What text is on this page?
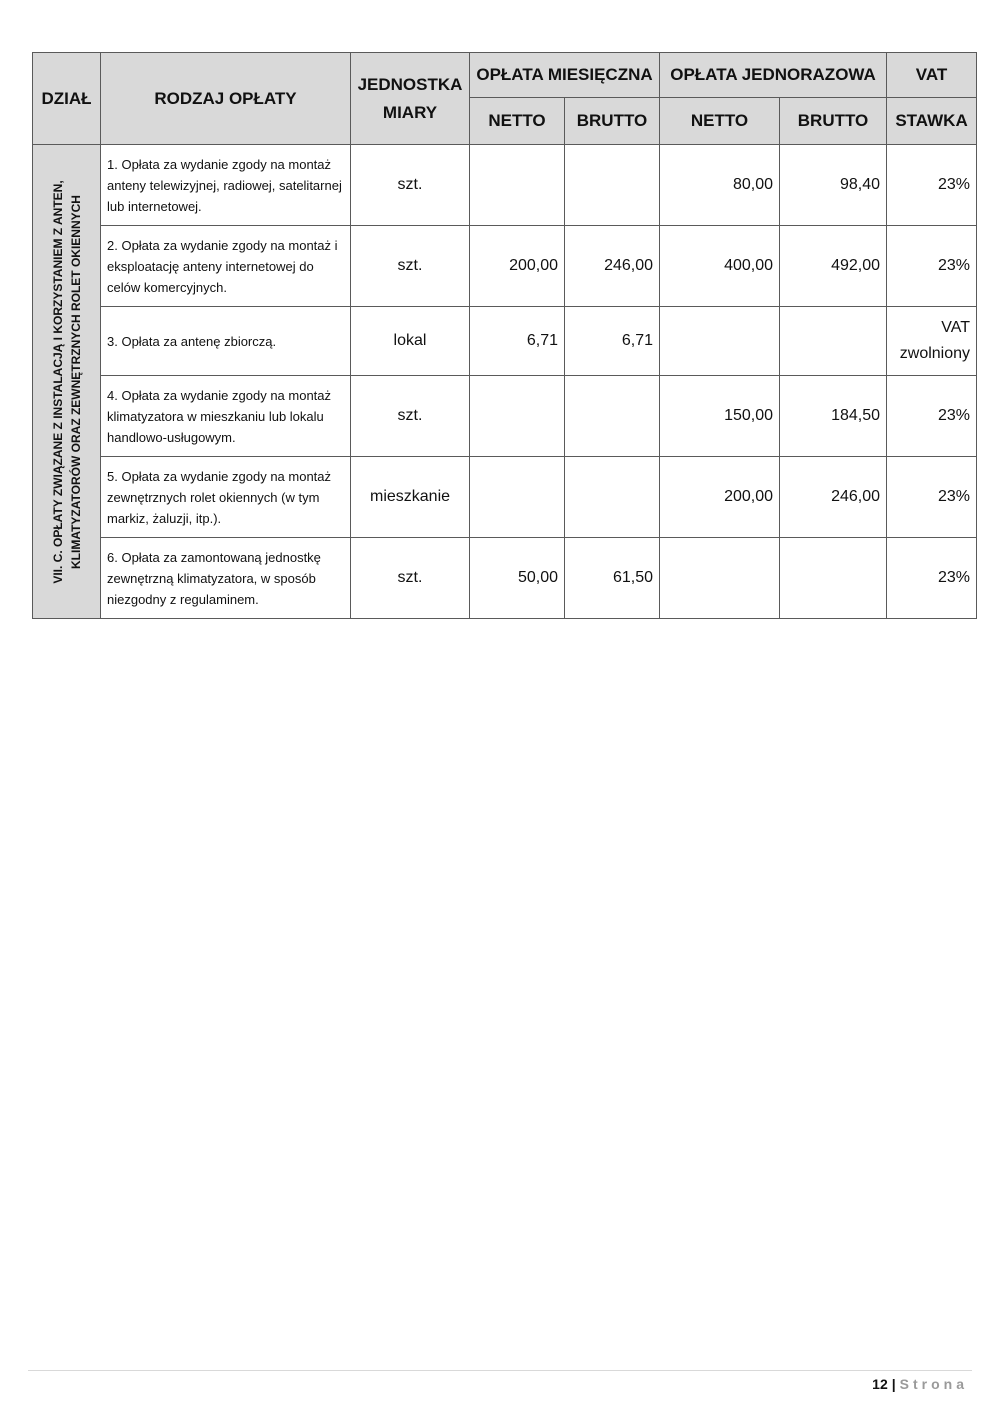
DZIAŁ	RODZAJ OPŁATY	JEDNOSTKA MIARY	OPŁATA MIESIĘCZNA		OPŁATA JEDNORAZOWA		VAT
			NETTO	BRUTTO	NETTO	BRUTTO	STAWKA

VII. C. OPŁATY ZWIĄZANE Z INSTALACJĄ I KORZYSTANIEM Z ANTEN, KLIMATYZATORÓW ORAZ ZEWNĘTRZNYCH ROLET OKIENNYCH	1. Opłata za wydanie zgody na montaż anteny telewizyjnej, radiowej, satelitarnej lub internetowej.	szt.			80,00	98,40	23%
	2. Opłata za wydanie zgody na montaż i eksploatację anteny internetowej do celów komercyjnych.	szt.	200,00	246,00	400,00	492,00	23%
	3. Opłata za antenę zbiorczą.	lokal	6,71	6,71			VAT zwolniony
	4. Opłata za wydanie zgody na montaż klimatyzatora w mieszkaniu lub lokalu handlowo-usługowym.	szt.			150,00	184,50	23%
	5. Opłata za wydanie zgody na montaż zewnętrznych rolet okiennych (w tym markiz, żaluzji, itp.).	mieszkanie			200,00	246,00	23%
	6. Opłata za zamontowaną jednostkę zewnętrzną klimatyzatora, w sposób niezgodny z regulaminem.	szt.	50,00	61,50			23%
12 | Strona
